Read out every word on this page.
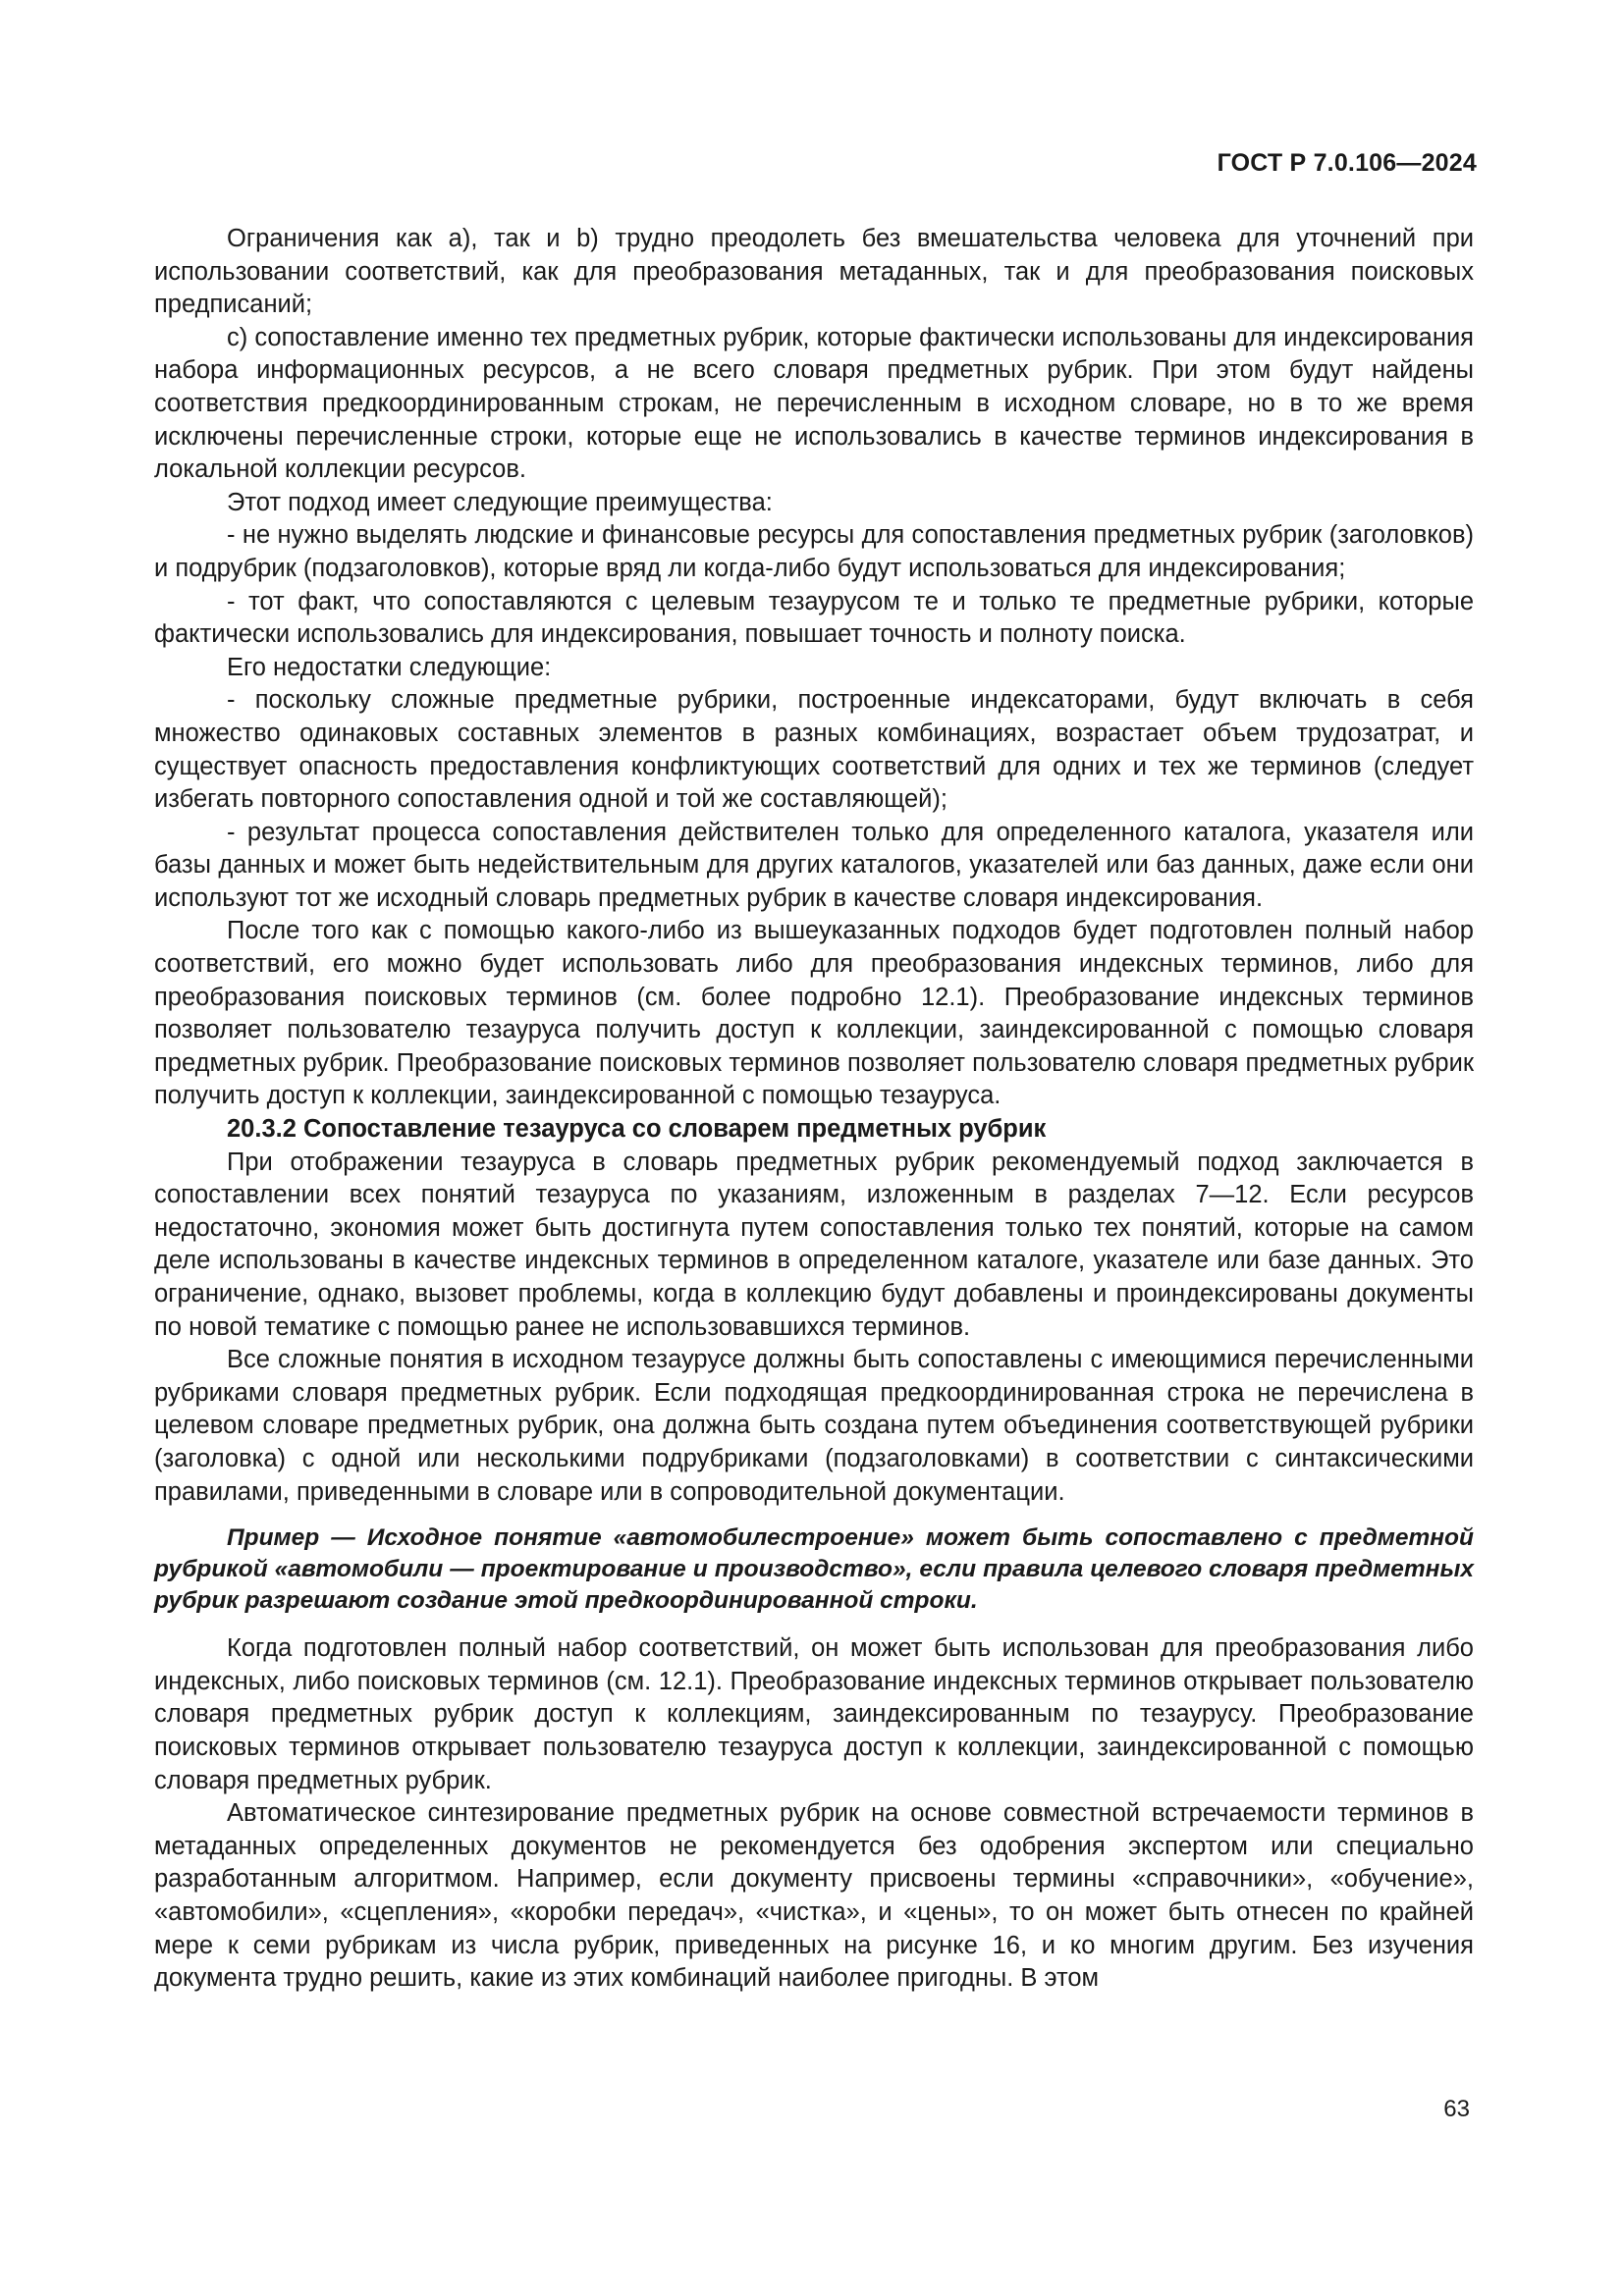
ГОСТ Р 7.0.106—2024

Ограничения как а), так и b) трудно преодолеть без вмешательства человека для уточнений при использовании соответствий, как для преобразования метаданных, так и для преобразования поисковых предписаний;

с) сопоставление именно тех предметных рубрик, которые фактически использованы для индексирования набора информационных ресурсов, а не всего словаря предметных рубрик. При этом будут найдены соответствия предкоординированным строкам, не перечисленным в исходном словаре, но в то же время исключены перечисленные строки, которые еще не использовались в качестве терминов индексирования в локальной коллекции ресурсов.

Этот подход имеет следующие преимущества:

- не нужно выделять людские и финансовые ресурсы для сопоставления предметных рубрик (заголовков) и подрубрик (подзаголовков), которые вряд ли когда-либо будут использоваться для индексирования;

- тот факт, что сопоставляются с целевым тезаурусом те и только те предметные рубрики, которые фактически использовались для индексирования, повышает точность и полноту поиска.

Его недостатки следующие:

- поскольку сложные предметные рубрики, построенные индексаторами, будут включать в себя множество одинаковых составных элементов в разных комбинациях, возрастает объем трудозатрат, и существует опасность предоставления конфликтующих соответствий для одних и тех же терминов (следует избегать повторного сопоставления одной и той же составляющей);

- результат процесса сопоставления действителен только для определенного каталога, указателя или базы данных и может быть недействительным для других каталогов, указателей или баз данных, даже если они используют тот же исходный словарь предметных рубрик в качестве словаря индексирования.

После того как с помощью какого-либо из вышеуказанных подходов будет подготовлен полный набор соответствий, его можно будет использовать либо для преобразования индексных терминов, либо для преобразования поисковых терминов (см. более подробно 12.1). Преобразование индексных терминов позволяет пользователю тезауруса получить доступ к коллекции, заиндексированной с помощью словаря предметных рубрик. Преобразование поисковых терминов позволяет пользователю словаря предметных рубрик получить доступ к коллекции, заиндексированной с помощью тезауруса.

20.3.2 Сопоставление тезауруса со словарем предметных рубрик

При отображении тезауруса в словарь предметных рубрик рекомендуемый подход заключается в сопоставлении всех понятий тезауруса по указаниям, изложенным в разделах 7—12. Если ресурсов недостаточно, экономия может быть достигнута путем сопоставления только тех понятий, которые на самом деле использованы в качестве индексных терминов в определенном каталоге, указателе или базе данных. Это ограничение, однако, вызовет проблемы, когда в коллекцию будут добавлены и проиндексированы документы по новой тематике с помощью ранее не использовавшихся терминов.

Все сложные понятия в исходном тезаурусе должны быть сопоставлены с имеющимися перечисленными рубриками словаря предметных рубрик. Если подходящая предкоординированная строка не перечислена в целевом словаре предметных рубрик, она должна быть создана путем объединения соответствующей рубрики (заголовка) с одной или несколькими подрубриками (подзаголовками) в соответствии с синтаксическими правилами, приведенными в словаре или в сопроводительной документации.

Пример — Исходное понятие «автомобилестроение» может быть сопоставлено с предметной рубрикой «автомобили — проектирование и производство», если правила целевого словаря предметных рубрик разрешают создание этой предкоординированной строки.

Когда подготовлен полный набор соответствий, он может быть использован для преобразования либо индексных, либо поисковых терминов (см. 12.1). Преобразование индексных терминов открывает пользователю словаря предметных рубрик доступ к коллекциям, заиндексированным по тезаурусу. Преобразование поисковых терминов открывает пользователю тезауруса доступ к коллекции, заиндексированной с помощью словаря предметных рубрик.

Автоматическое синтезирование предметных рубрик на основе совместной встречаемости терминов в метаданных определенных документов не рекомендуется без одобрения экспертом или специально разработанным алгоритмом. Например, если документу присвоены термины «справочники», «обучение», «автомобили», «сцепления», «коробки передач», «чистка», и «цены», то он может быть отнесен по крайней мере к семи рубрикам из числа рубрик, приведенных на рисунке 16, и ко многим другим. Без изучения документа трудно решить, какие из этих комбинаций наиболее пригодны. В этом

63
